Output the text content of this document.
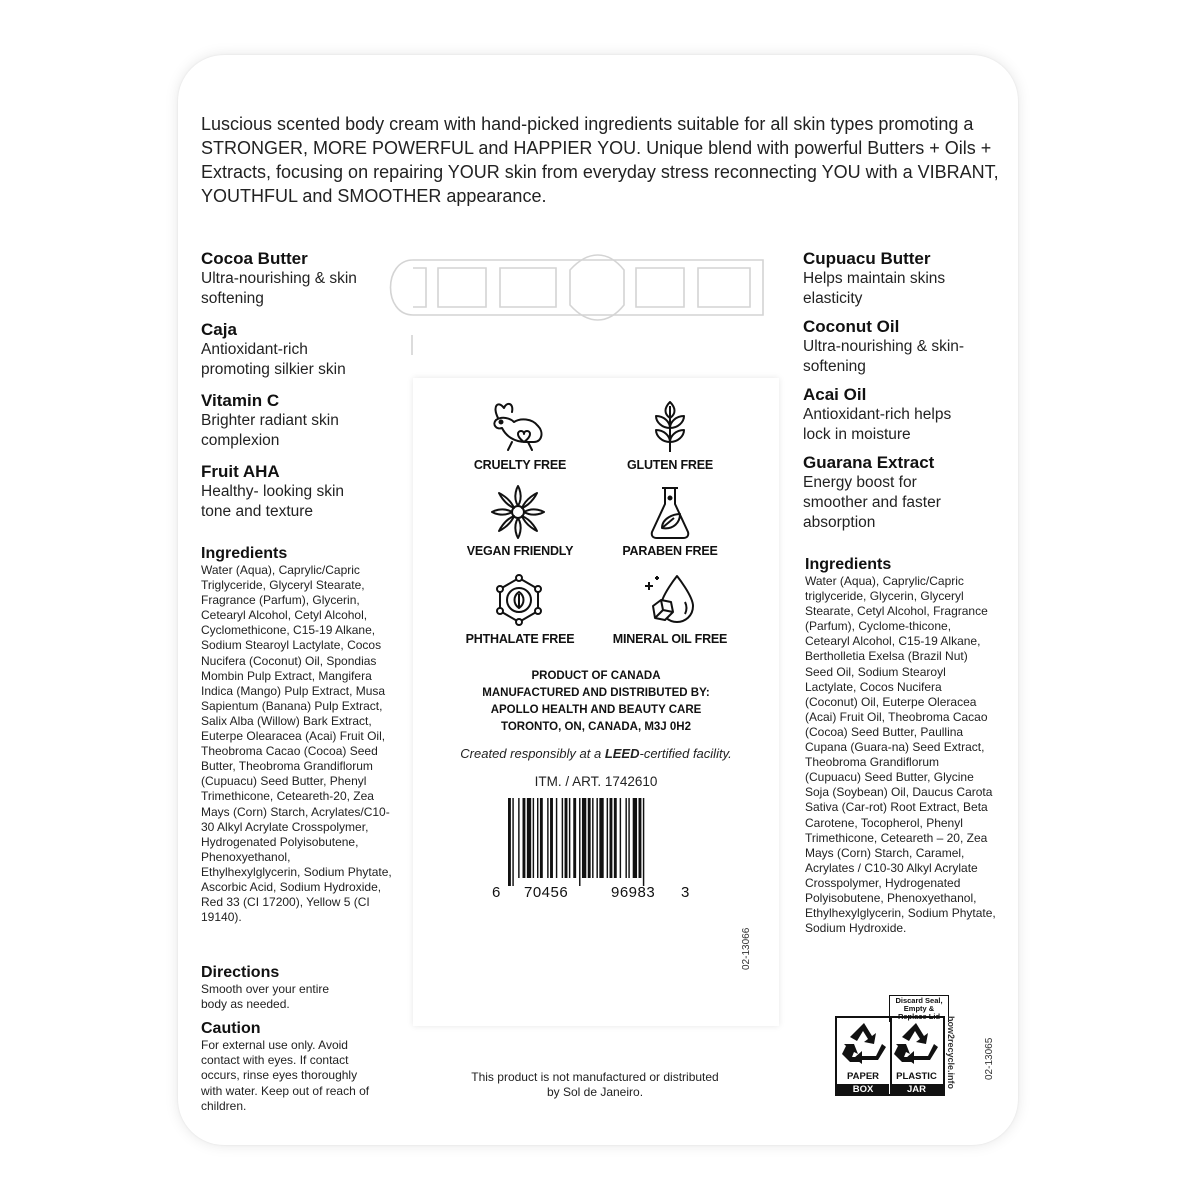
Luscious scented body cream with hand-picked ingredients suitable for all skin types promoting a STRONGER, MORE POWERFUL and HAPPIER YOU. Unique blend with powerful Butters + Oils + Extracts, focusing on repairing YOUR skin from everyday stress reconnecting YOU with a VIBRANT, YOUTHFUL and SMOOTHER appearance.

Cocoa Butter
Ultra-nourishing & skin softening
Caja
Antioxidant-rich promoting silkier skin
Vitamin C
Brighter radiant skin complexion
Fruit AHA
Healthy- looking skin tone and texture
Cupuacu Butter
Helps maintain skins elasticity
Coconut Oil
Ultra-nourishing & skin-softening
Acai Oil
Antioxidant-rich helps lock in moisture
Guarana Extract
Energy boost for smoother and faster absorption
Ingredients

Water (Aqua), Caprylic/Capric Triglyceride, Glyceryl Stearate, Fragrance (Parfum), Glycerin, Cetearyl Alcohol, Cetyl Alcohol, Cyclomethicone, C15-19 Alkane, Sodium Stearoyl Lactylate, Cocos Nucifera (Coconut) Oil, Spondias Mombin Pulp Extract, Mangifera Indica (Mango) Pulp Extract, Musa Sapientum (Banana) Pulp Extract, Salix Alba (Willow) Bark Extract, Euterpe Olearacea (Acai) Fruit Oil, Theobroma Cacao (Cocoa) Seed Butter, Theobroma Grandiflorum (Cupuacu) Seed Butter, Phenyl Trimethicone, Ceteareth-20, Zea Mays (Corn) Starch, Acrylates/C10-30 Alkyl Acrylate Crosspolymer, Hydrogenated Polyisobutene, Phenoxyethanol, Ethylhexylglycerin, Sodium Phytate, Ascorbic Acid, Sodium Hydroxide, Red 33 (CI 17200), Yellow 5 (CI 19140).

Ingredients

Water (Aqua), Caprylic/Capric triglyceride, Glycerin, Glyceryl Stearate, Cetyl Alcohol, Fragrance (Parfum), Cyclome-thicone, Cetearyl Alcohol, C15-19 Alkane, Bertholletia Exelsa (Brazil Nut) Seed Oil, Sodium Stearoyl Lactylate, Cocos Nucifera (Coconut) Oil, Euterpe Oleracea (Acai) Fruit Oil, Theobroma Cacao (Cocoa) Seed Butter, Paullina Cupana (Guara-na) Seed Extract, Theobroma Grandiflorum (Cupuacu) Seed Butter, Glycine Soja (Soybean) Oil, Daucus Carota Sativa (Car-rot) Root Extract, Beta Carotene, Tocopherol, Phenyl Trimethicone, Ceteareth – 20, Zea Mays (Corn) Starch, Caramel, Acrylates / C10-30 Alkyl Acrylate Crosspolymer, Hydrogenated Polyisobutene, Phenoxyethanol, Ethylhexylglycerin, Sodium Phytate, Sodium Hydroxide.

Directions

Smooth over your entire body as needed.

Caution

For external use only. Avoid contact with eyes. If contact occurs, rinse eyes thoroughly with water. Keep out of reach of children.

CRUELTY FREE	GLUTEN FREE
VEGAN FRIENDLY	PARABEN FREE
PHTHALATE FREE	MINERAL OIL FREE
PRODUCT OF CANADA
MANUFACTURED AND DISTRIBUTED BY:
APOLLO HEALTH AND BEAUTY CARE
TORONTO, ON, CANADA, M3J 0H2
Created responsibly at a LEED-certified facility.
ITM. / ART. 1742610
6 70456	96983 3
02-13066
This product is not manufactured or distributed by Sol de Janeiro.
Discard Seal, Empty & Replace Lid
PAPER
BOX
PLASTIC
JAR
how2recycle.info	02-13065
